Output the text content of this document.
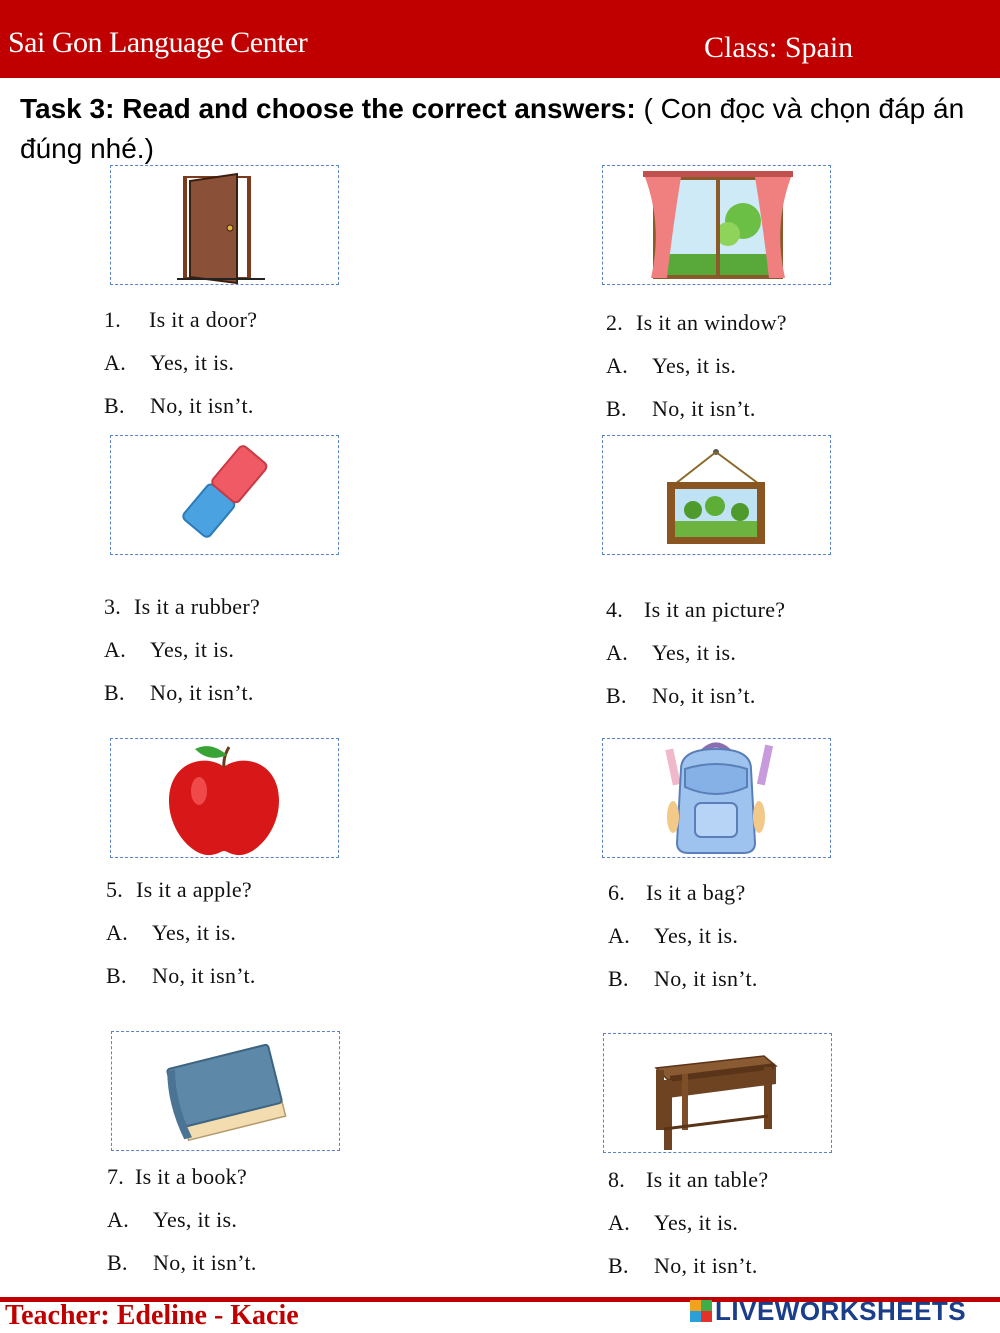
Sai Gon Language Center	Class: Spain
Task 3: Read and choose the correct answers: ( Con đọc và chọn đáp án đúng nhé.)
1. Is it a door?
A. Yes, it is.
B. No, it isn’t.
2. Is it an window?
A. Yes, it is.
B. No, it isn’t.
3. Is it a rubber?
A. Yes, it is.
B. No, it isn’t.
4. Is it an picture?
A. Yes, it is.
B. No, it isn’t.
5. Is it a apple?
A. Yes, it is.
B. No, it isn’t.
6. Is it a bag?
A. Yes, it is.
B. No, it isn’t.
7. Is it a book?
A. Yes, it is.
B. No, it isn’t.
8. Is it an table?
A. Yes, it is.
B. No, it isn’t.
Teacher: Edeline - Kacie	LIVEWORKSHEETS
